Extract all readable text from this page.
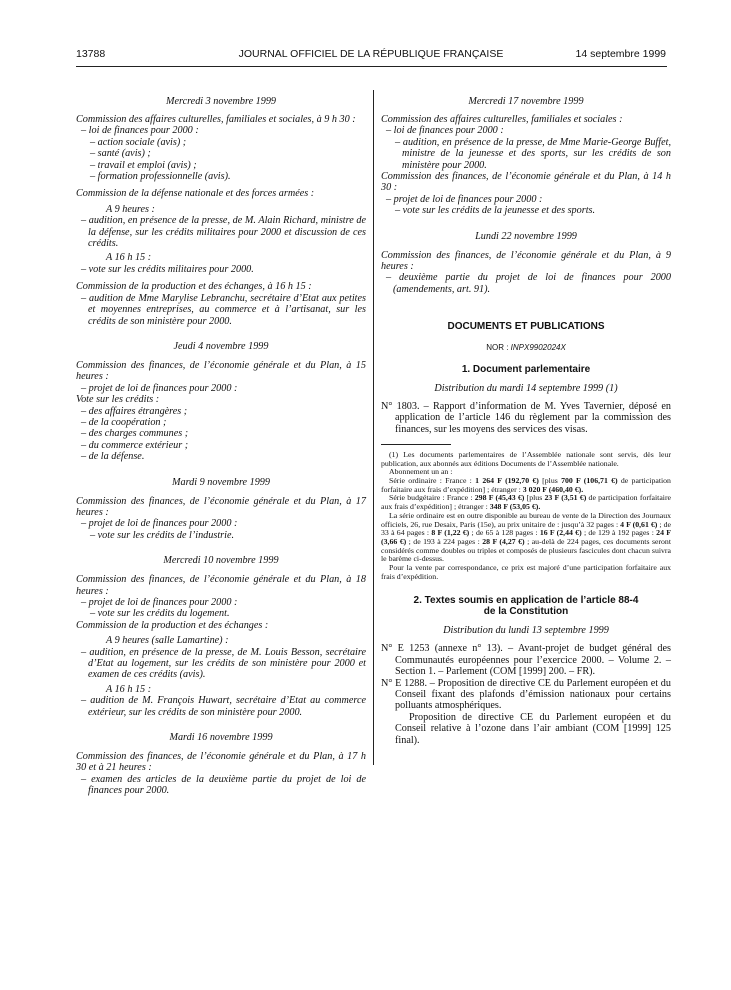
13788	JOURNAL OFFICIEL DE LA RÉPUBLIQUE FRANÇAISE	14 septembre 1999

Mercredi 3 novembre 1999

Commission des affaires culturelles, familiales et sociales, à 9 h 30 :

– loi de finances pour 2000 :

– action sociale (avis) ;

– santé (avis) ;

– travail et emploi (avis) ;

– formation professionnelle (avis).

Commission de la défense nationale et des forces armées :

A 9 heures :

– audition, en présence de la presse, de M. Alain Richard, ministre de la défense, sur les crédits militaires pour 2000 et discussion de ces crédits.

A 16 h 15 :

– vote sur les crédits militaires pour 2000.

Commission de la production et des échanges, à 16 h 15 :

– audition de Mme Marylise Lebranchu, secrétaire d’Etat aux petites et moyennes entreprises, au commerce et à l’artisanat, sur les crédits de son ministère pour 2000.

Jeudi 4 novembre 1999

Commission des finances, de l’économie générale et du Plan, à 15 heures :

– projet de loi de finances pour 2000 :

Vote sur les crédits :

– des affaires étrangères ;

– de la coopération ;

– des charges communes ;

– du commerce extérieur ;

– de la défense.

Mardi 9 novembre 1999

Commission des finances, de l’économie générale et du Plan, à 17 heures :

– projet de loi de finances pour 2000 :

– vote sur les crédits de l’industrie.

Mercredi 10 novembre 1999

Commission des finances, de l’économie générale et du Plan, à 18 heures :

– projet de loi de finances pour 2000 :

– vote sur les crédits du logement.

Commission de la production et des échanges :

A 9 heures (salle Lamartine) :

– audition, en présence de la presse, de M. Louis Besson, secrétaire d’Etat au logement, sur les crédits de son ministère pour 2000 et examen de ces crédits (avis).

A 16 h 15 :

– audition de M. François Huwart, secrétaire d’Etat au commerce extérieur, sur les crédits de son ministère pour 2000.

Mardi 16 novembre 1999

Commission des finances, de l’économie générale et du Plan, à 17 h 30 et à 21 heures :

– examen des articles de la deuxième partie du projet de loi de finances pour 2000.

Mercredi 17 novembre 1999

Commission des affaires culturelles, familiales et sociales :

– loi de finances pour 2000 :

– audition, en présence de la presse, de Mme Marie-George Buffet, ministre de la jeunesse et des sports, sur les crédits de son ministère pour 2000.

Commission des finances, de l’économie générale et du Plan, à 14 h 30 :

– projet de loi de finances pour 2000 :

– vote sur les crédits de la jeunesse et des sports.

Lundi 22 novembre 1999

Commission des finances, de l’économie générale et du Plan, à 9 heures :

– deuxième partie du projet de loi de finances pour 2000 (amendements, art. 91).

DOCUMENTS ET PUBLICATIONS

NOR : INPX9902024X

1. Document parlementaire

Distribution du mardi 14 septembre 1999 (1)

N° 1803. – Rapport d’information de M. Yves Tavernier, déposé en application de l’article 146 du règlement par la commission des finances, sur les moyens des services des visas.

(1) Les documents parlementaires de l’Assemblée nationale sont servis, dès leur publication, aux abonnés aux éditions Documents de l’Assemblée nationale.

Abonnement un an :

Série ordinaire : France : 1 264 F (192,70 €) [plus 700 F (106,71 €) de participation forfaitaire aux frais d’expédition] ; étranger : 3 020 F (460,40 €).

Série budgétaire : France : 298 F (45,43 €) [plus 23 F (3,51 €) de participation forfaitaire aux frais d’expédition] ; étranger : 348 F (53,05 €).

La série ordinaire est en outre disponible au bureau de vente de la Direction des Journaux officiels, 26, rue Desaix, Paris (15e), au prix unitaire de : jusqu’à 32 pages : 4 F (0,61 €) ; de 33 à 64 pages : 8 F (1,22 €) ; de 65 à 128 pages : 16 F (2,44 €) ; de 129 à 192 pages : 24 F (3,66 €) ; de 193 à 224 pages : 28 F (4,27 €) ; au-delà de 224 pages, ces documents seront considérés comme doubles ou triples et composés de plusieurs fascicules dont chacun suivra le barème ci-dessus.

Pour la vente par correspondance, ce prix est majoré d’une participation forfaitaire aux frais d’expédition.

2. Textes soumis en application de l’article 88-4

de la Constitution

Distribution du lundi 13 septembre 1999

N° E 1253 (annexe n° 13). – Avant-projet de budget général des Communautés européennes pour l’exercice 2000. – Volume 2. – Section 1. – Parlement (COM [1999] 200. – FR).

N° E 1288. – Proposition de directive CE du Parlement européen et du Conseil fixant des plafonds d’émission nationaux pour certains polluants atmosphériques.

Proposition de directive CE du Parlement européen et du Conseil relative à l’ozone dans l’air ambiant (COM [1999] 125 final).
